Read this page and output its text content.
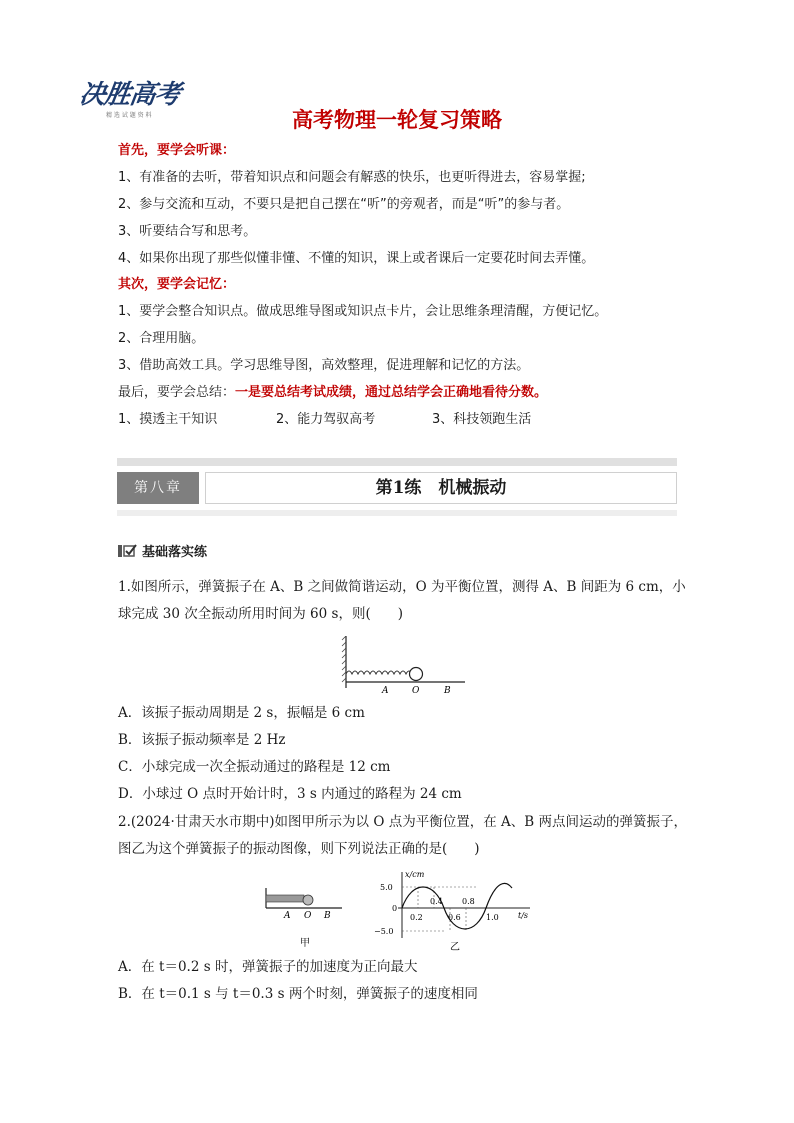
决胜高考
精 选 试 题 资 料	高考物理一轮复习策略
首先，要学会听课：
1、有准备的去听，带着知识点和问题会有解惑的快乐，也更听得进去，容易掌握;
2、参与交流和互动，不要只是把自己摆在“听”的旁观者，而是“听”的参与者。
3、听要结合写和思考。
4、如果你出现了那些似懂非懂、不懂的知识，课上或者课后一定要花时间去弄懂。
其次，要学会记忆：
1、要学会整合知识点。做成思维导图或知识点卡片，会让思维条理清醒，方便记忆。
2、合理用脑。
3、借助高效工具。学习思维导图，高效整理，促进理解和记忆的方法。
最后，要学会总结：一是要总结考试成绩，通过总结学会正确地看待分数。
1、摸透主干知识	2、能力驾驭高考	3、科技领跑生活
第八章	第1练　机械振动
基础落实练
1.如图所示，弹簧振子在 A、B 之间做简谐运动，O 为平衡位置，测得 A、B 间距为 6 cm，小
球完成 30 次全振动所用时间为 60 s，则(　　)
A	O	B
A．该振子振动周期是 2 s，振幅是 6 cm
B．该振子振动频率是 2 Hz
C．小球完成一次全振动通过的路程是 12 cm
D．小球过 O 点时开始计时，3 s 内通过的路程为 24 cm
2.(2024·甘肃天水市期中)如图甲所示为以 O 点为平衡位置，在 A、B 两点间运动的弹簧振子，
图乙为这个弹簧振子的振动图像，则下列说法正确的是(　　)
A O B
甲
x/cm
t/s
5.0
0
−5.0
0.2
0.4
0.6
0.8
1.0
乙
A．在 t＝0.2 s 时，弹簧振子的加速度为正向最大
B．在 t＝0.1 s 与 t＝0.3 s 两个时刻，弹簧振子的速度相同
